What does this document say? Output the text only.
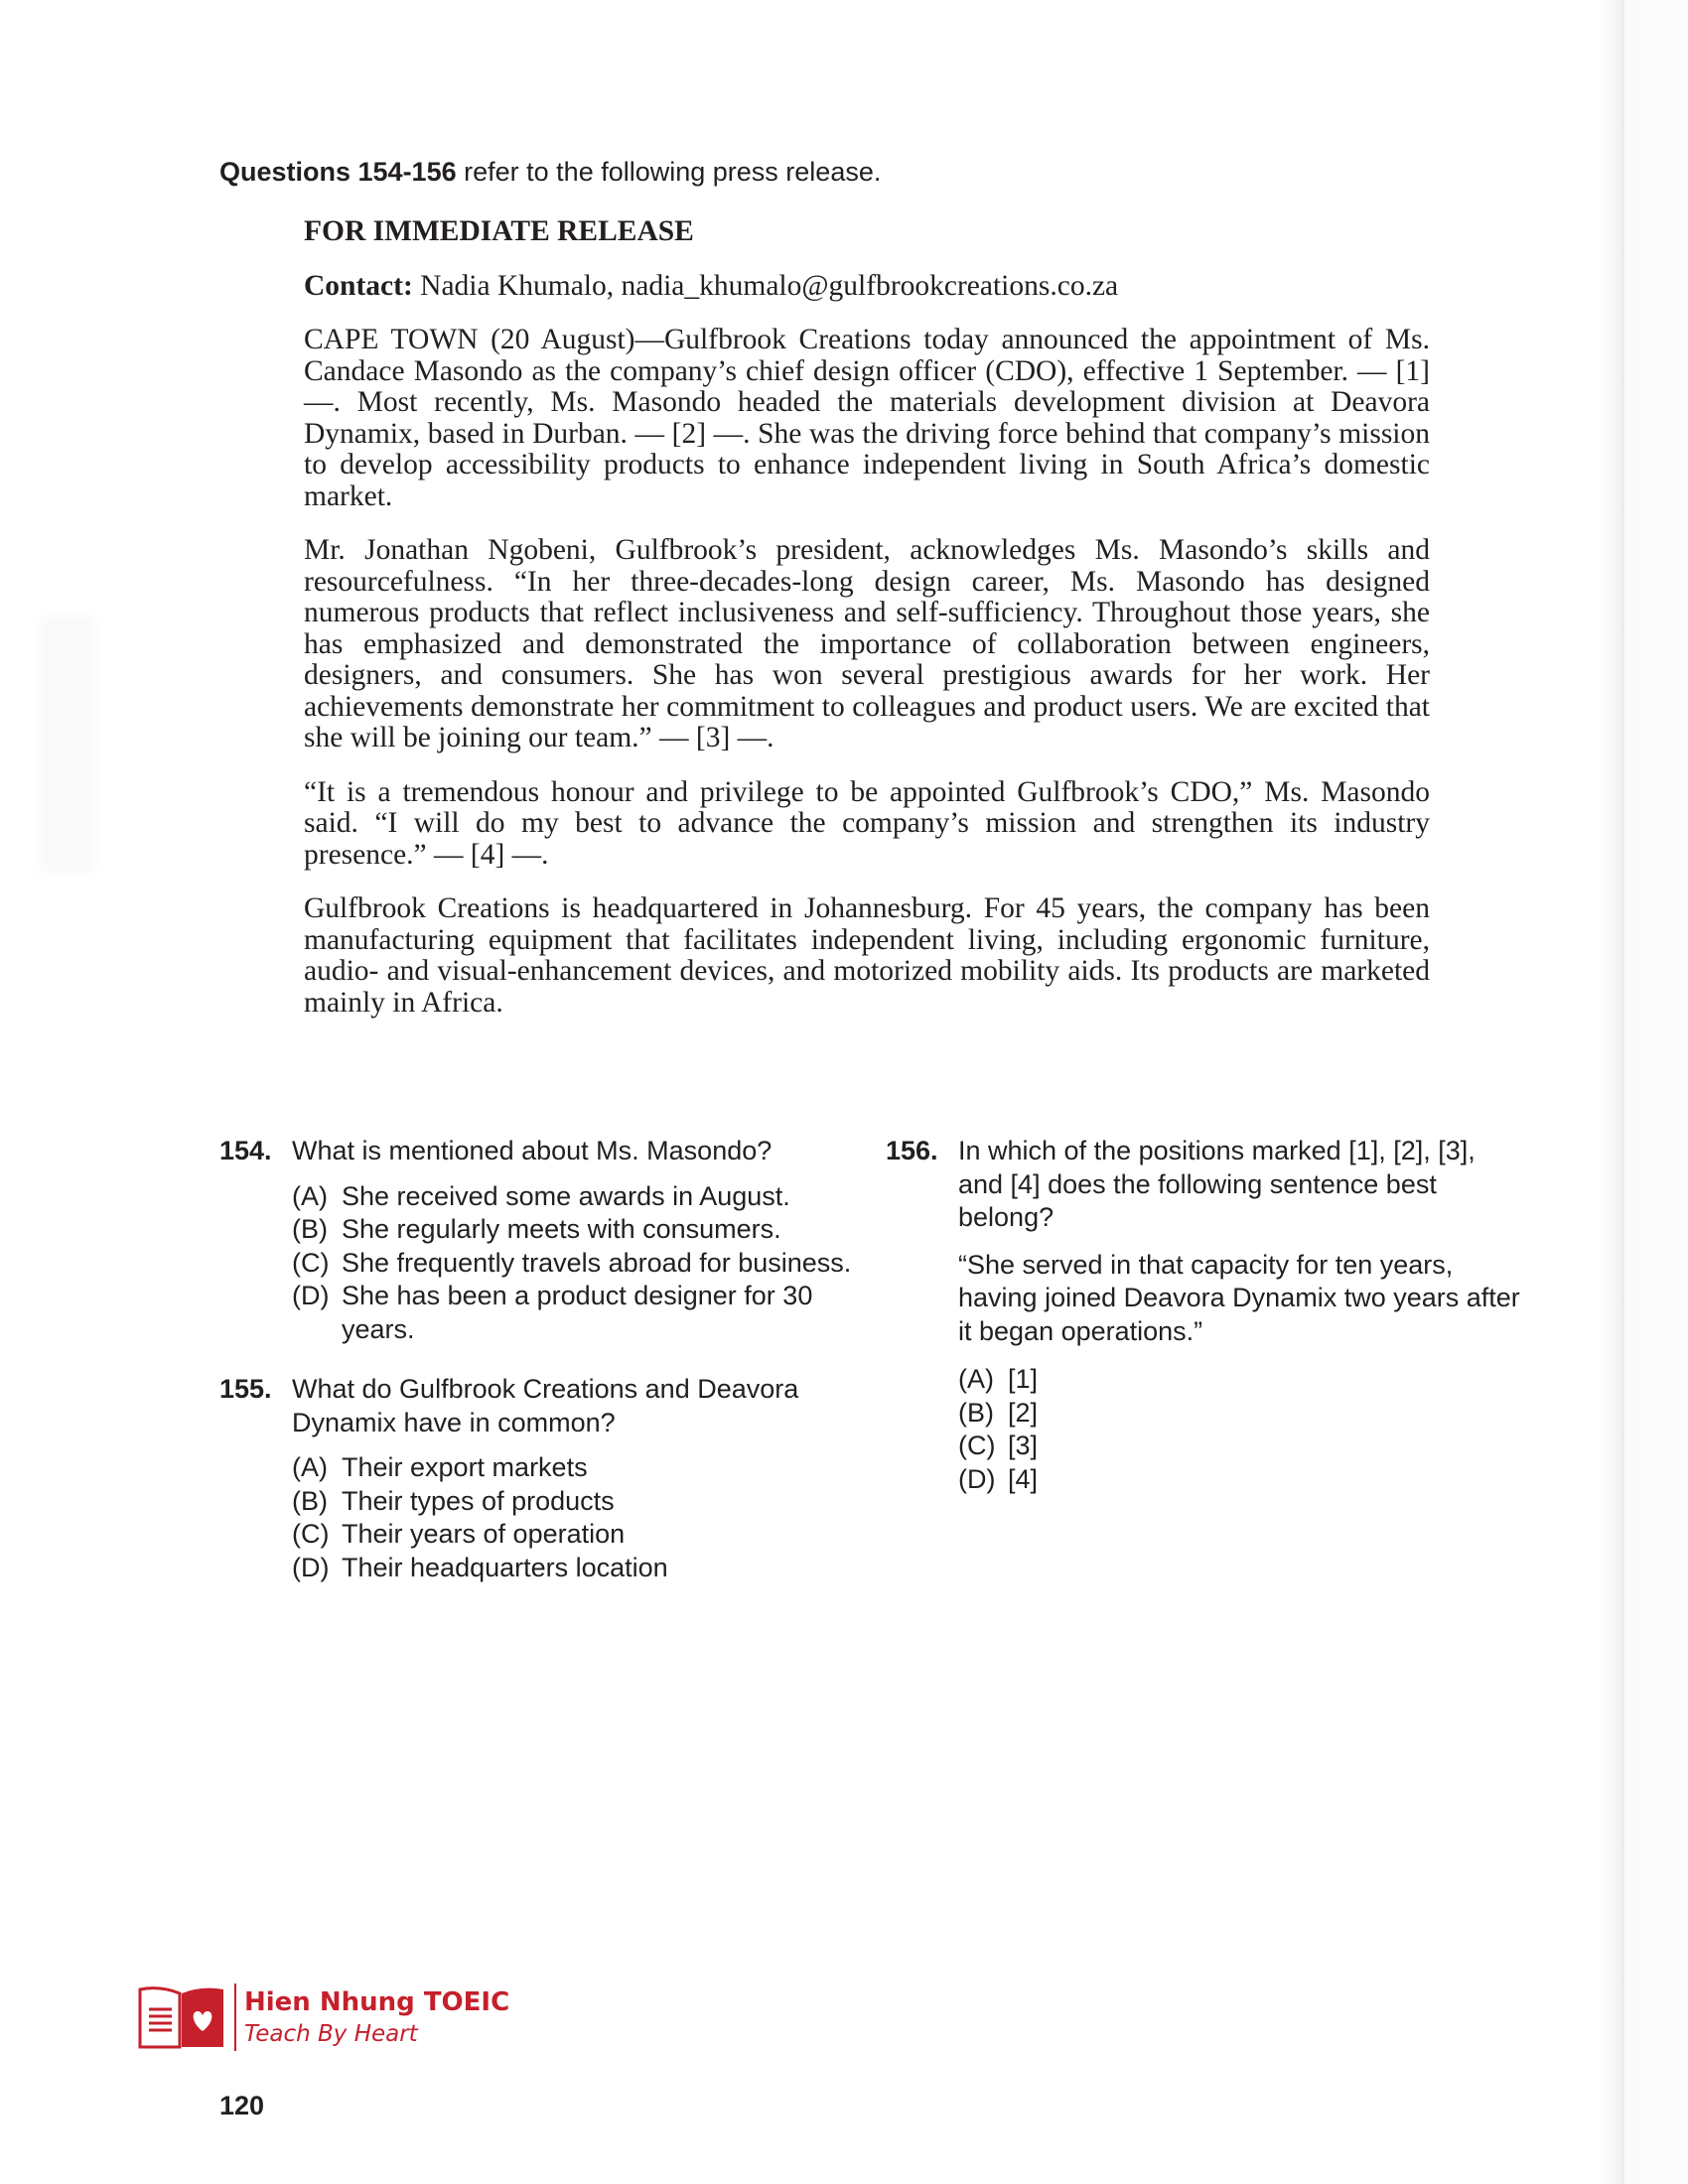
Questions 154-156 refer to the following press release.
FOR IMMEDIATE RELEASE
Contact: Nadia Khumalo, nadia_khumalo@gulfbrookcreations.co.za

CAPE TOWN (20 August)—Gulfbrook Creations today announced the appointment of Ms. Candace Masondo as the company’s chief design officer (CDO), effective 1 September. — [1] —. Most recently, Ms. Masondo headed the materials development division at Deavora Dynamix, based in Durban. — [2] —. She was the driving force behind that company’s mission to develop accessibility products to enhance independent living in South Africa’s domestic market.

Mr. Jonathan Ngobeni, Gulfbrook’s president, acknowledges Ms. Masondo’s skills and resourcefulness. “In her three-decades-long design career, Ms. Masondo has designed numerous products that reflect inclusiveness and self-sufficiency. Throughout those years, she has emphasized and demonstrated the importance of collaboration between engineers, designers, and consumers. She has won several prestigious awards for her work. Her achievements demonstrate her commitment to colleagues and product users. We are excited that she will be joining our team.” — [3] —.

“It is a tremendous honour and privilege to be appointed Gulfbrook’s CDO,” Ms. Masondo said. “I will do my best to advance the company’s mission and strengthen its industry presence.” — [4] —.

Gulfbrook Creations is headquartered in Johannesburg. For 45 years, the company has been manufacturing equipment that facilitates independent living, including ergonomic furniture, audio- and visual-enhancement devices, and motorized mobility aids. Its products are marketed mainly in Africa.

154. What is mentioned about Ms. Masondo?
(A) She received some awards in August.
(B) She regularly meets with consumers.
(C) She frequently travels abroad for business.
(D) She has been a product designer for 30 years.
155. What do Gulfbrook Creations and Deavora Dynamix have in common?
(A) Their export markets
(B) Their types of products
(C) Their years of operation
(D) Their headquarters location
156. In which of the positions marked [1], [2], [3], and [4] does the following sentence best belong?
“She served in that capacity for ten years, having joined Deavora Dynamix two years after it began operations.”
(A) [1]
(B) [2]
(C) [3]
(D) [4]
Hien Nhung TOEIC
Teach By Heart
120
